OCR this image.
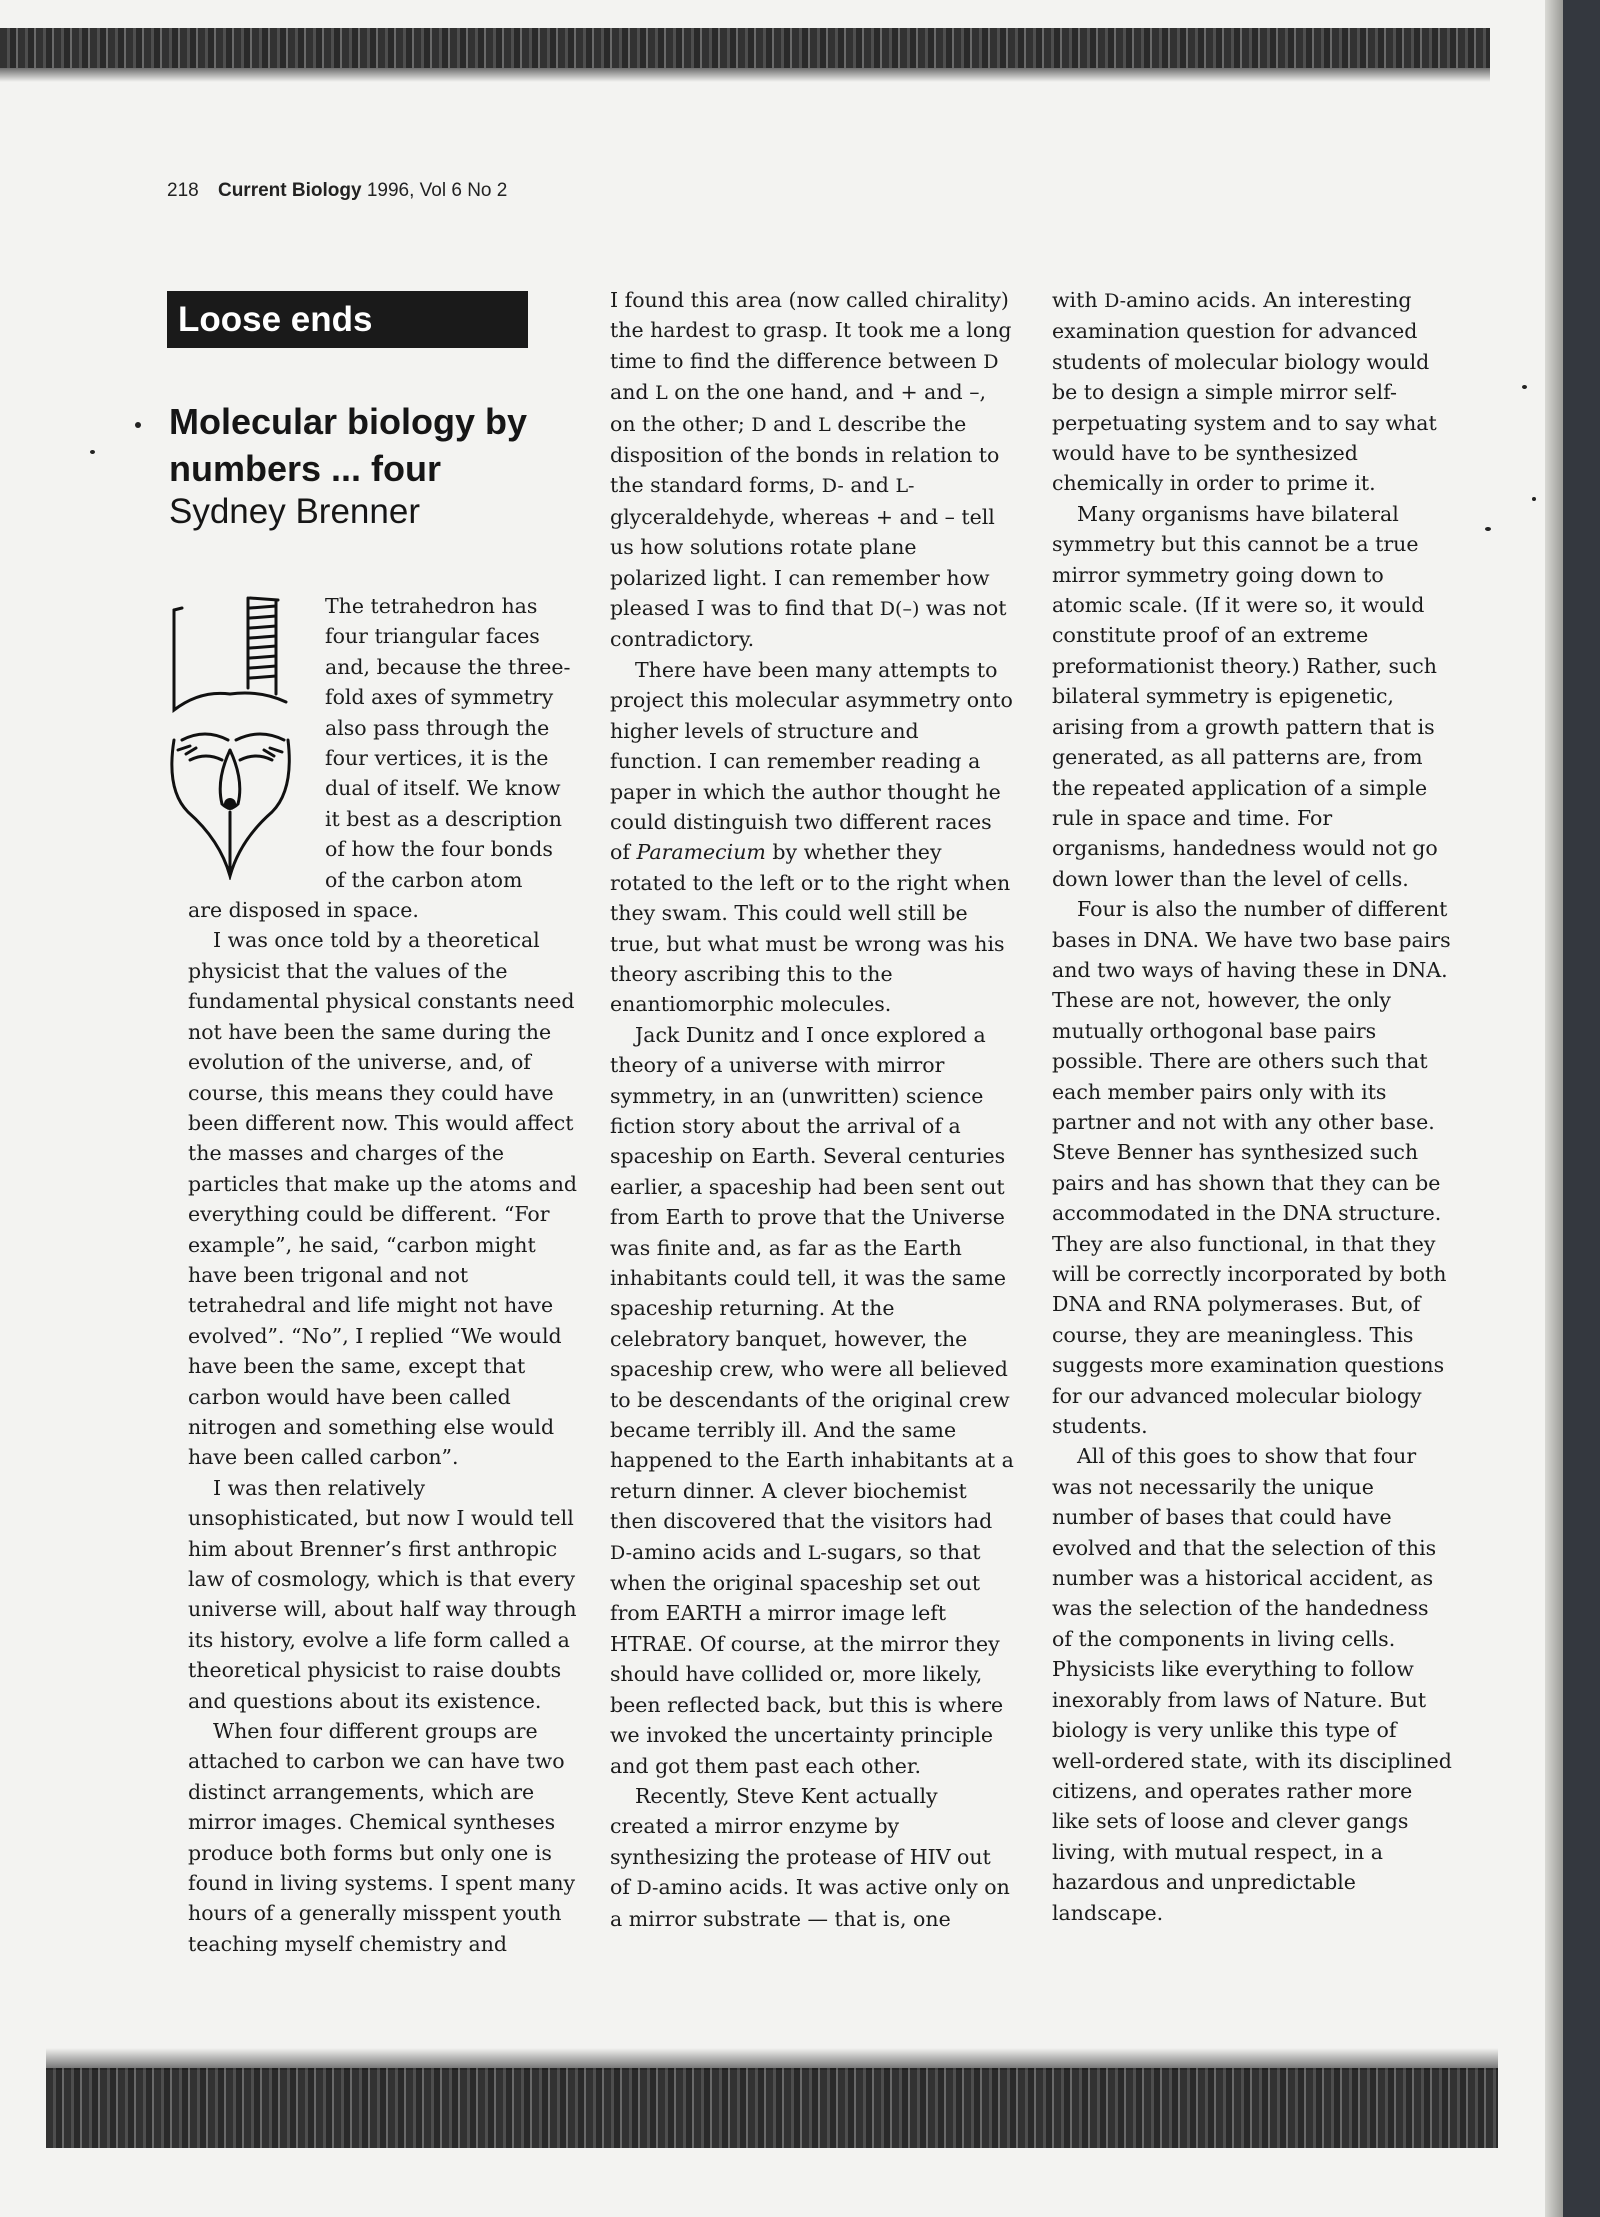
218 Current Biology 1996, Vol 6 No 2
Loose ends
Molecular biology by
numbers ... four
Sydney Brenner

The tetrahedron has four triangular faces and, because the three-fold axes of symmetry also pass through the four vertices, it is the dual of itself. We know it best as a description of how the four bonds of the carbon atom

are disposed in space.

I was once told by a theoretical physicist that the values of the fundamental physical constants need not have been the same during the evolution of the universe, and, of course, this means they could have been different now. This would affect the masses and charges of the particles that make up the atoms and everything could be different. “For example”, he said, “carbon might have been trigonal and not tetrahedral and life might not have evolved”. “No”, I replied “We would have been the same, except that carbon would have been called nitrogen and something else would have been called carbon”.

I was then relatively unsophisticated, but now I would tell him about Brenner’s first anthropic law of cosmology, which is that every universe will, about half way through its history, evolve a life form called a theoretical physicist to raise doubts and questions about its existence.

When four different groups are attached to carbon we can have two distinct arrangements, which are mirror images. Chemical syntheses produce both forms but only one is found in living systems. I spent many hours of a generally misspent youth teaching myself chemistry and

I found this area (now called chirality) the hardest to grasp. It took me a long time to find the difference between D and L on the one hand, and + and –, on the other; D and L describe the disposition of the bonds in relation to the standard forms, D- and L-glyceraldehyde, whereas + and – tell us how solutions rotate plane polarized light. I can remember how pleased I was to find that D(–) was not contradictory.

There have been many attempts to project this molecular asymmetry onto higher levels of structure and function. I can remember reading a paper in which the author thought he could distinguish two different races of Paramecium by whether they rotated to the left or to the right when they swam. This could well still be true, but what must be wrong was his theory ascribing this to the enantiomorphic molecules.

Jack Dunitz and I once explored a theory of a universe with mirror symmetry, in an (unwritten) science fiction story about the arrival of a spaceship on Earth. Several centuries earlier, a spaceship had been sent out from Earth to prove that the Universe was finite and, as far as the Earth inhabitants could tell, it was the same spaceship returning. At the celebratory banquet, however, the spaceship crew, who were all believed to be descendants of the original crew became terribly ill. And the same happened to the Earth inhabitants at a return dinner. A clever biochemist then discovered that the visitors had D-amino acids and L-sugars, so that when the original spaceship set out from EARTH a mirror image left HTRAE. Of course, at the mirror they should have collided or, more likely, been reflected back, but this is where we invoked the uncertainty principle and got them past each other.

Recently, Steve Kent actually created a mirror enzyme by synthesizing the protease of HIV out of D-amino acids. It was active only on a mirror substrate — that is, one

with D-amino acids. An interesting examination question for advanced students of molecular biology would be to design a simple mirror self-perpetuating system and to say what would have to be synthesized chemically in order to prime it.

Many organisms have bilateral symmetry but this cannot be a true mirror symmetry going down to atomic scale. (If it were so, it would constitute proof of an extreme preformationist theory.) Rather, such bilateral symmetry is epigenetic, arising from a growth pattern that is generated, as all patterns are, from the repeated application of a simple rule in space and time. For organisms, handedness would not go down lower than the level of cells.

Four is also the number of different bases in DNA. We have two base pairs and two ways of having these in DNA. These are not, however, the only mutually orthogonal base pairs possible. There are others such that each member pairs only with its partner and not with any other base. Steve Benner has synthesized such pairs and has shown that they can be accommodated in the DNA structure. They are also functional, in that they will be correctly incorporated by both DNA and RNA polymerases. But, of course, they are meaningless. This suggests more examination questions for our advanced molecular biology students.

All of this goes to show that four was not necessarily the unique number of bases that could have evolved and that the selection of this number was a historical accident, as was the selection of the handedness of the components in living cells. Physicists like everything to follow inexorably from laws of Nature. But biology is very unlike this type of well-ordered state, with its disciplined citizens, and operates rather more like sets of loose and clever gangs living, with mutual respect, in a hazardous and unpredictable landscape.
